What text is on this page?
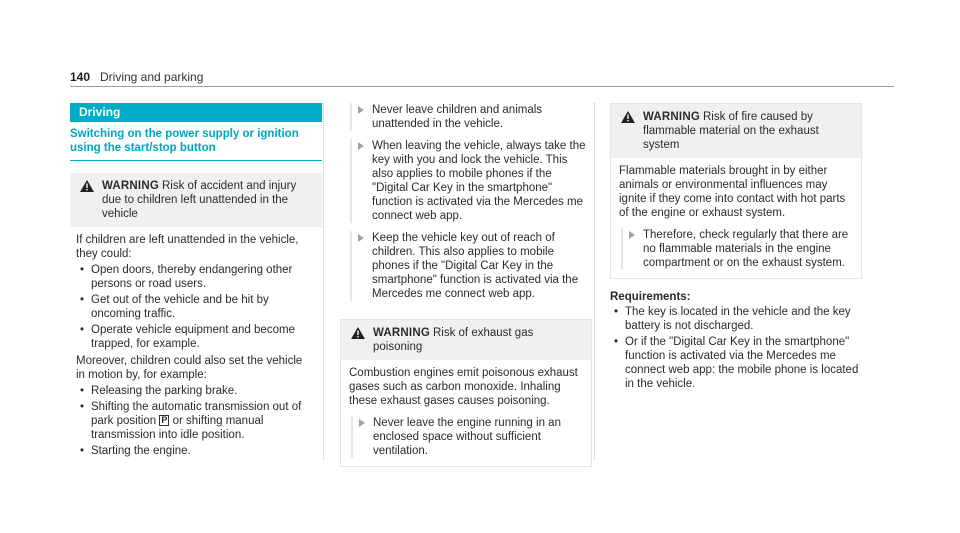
140 Driving and parking
Driving
Switching on the power supply or ignition using the start/stop button
WARNING Risk of accident and injury due to children left unattended in the vehicle
If children are left unattended in the vehicle, they could:
• Open doors, thereby endangering other persons or road users.
• Get out of the vehicle and be hit by oncoming traffic.
• Operate vehicle equipment and become trapped, for example.
Moreover, children could also set the vehicle in motion by, for example:
• Releasing the parking brake.
• Shifting the automatic transmission out of park position P or shifting manual transmission into idle position.
• Starting the engine.
Never leave children and animals unattended in the vehicle.
When leaving the vehicle, always take the key with you and lock the vehicle. This also applies to mobile phones if the "Digital Car Key in the smartphone" function is activated via the Mercedes me connect web app.
Keep the vehicle key out of reach of children. This also applies to mobile phones if the "Digital Car Key in the smartphone" function is activated via the Mercedes me connect web app.
WARNING Risk of exhaust gas poisoning
Combustion engines emit poisonous exhaust gases such as carbon monoxide. Inhaling these exhaust gases causes poisoning.
Never leave the engine running in an enclosed space without sufficient ventilation.
WARNING Risk of fire caused by flammable material on the exhaust system
Flammable materials brought in by either animals or environmental influences may ignite if they come into contact with hot parts of the engine or exhaust system.
Therefore, check regularly that there are no flammable materials in the engine compartment or on the exhaust system.
Requirements:
• The key is located in the vehicle and the key battery is not discharged.
• Or if the "Digital Car Key in the smartphone" function is activated via the Mercedes me connect web app: the mobile phone is located in the vehicle.
